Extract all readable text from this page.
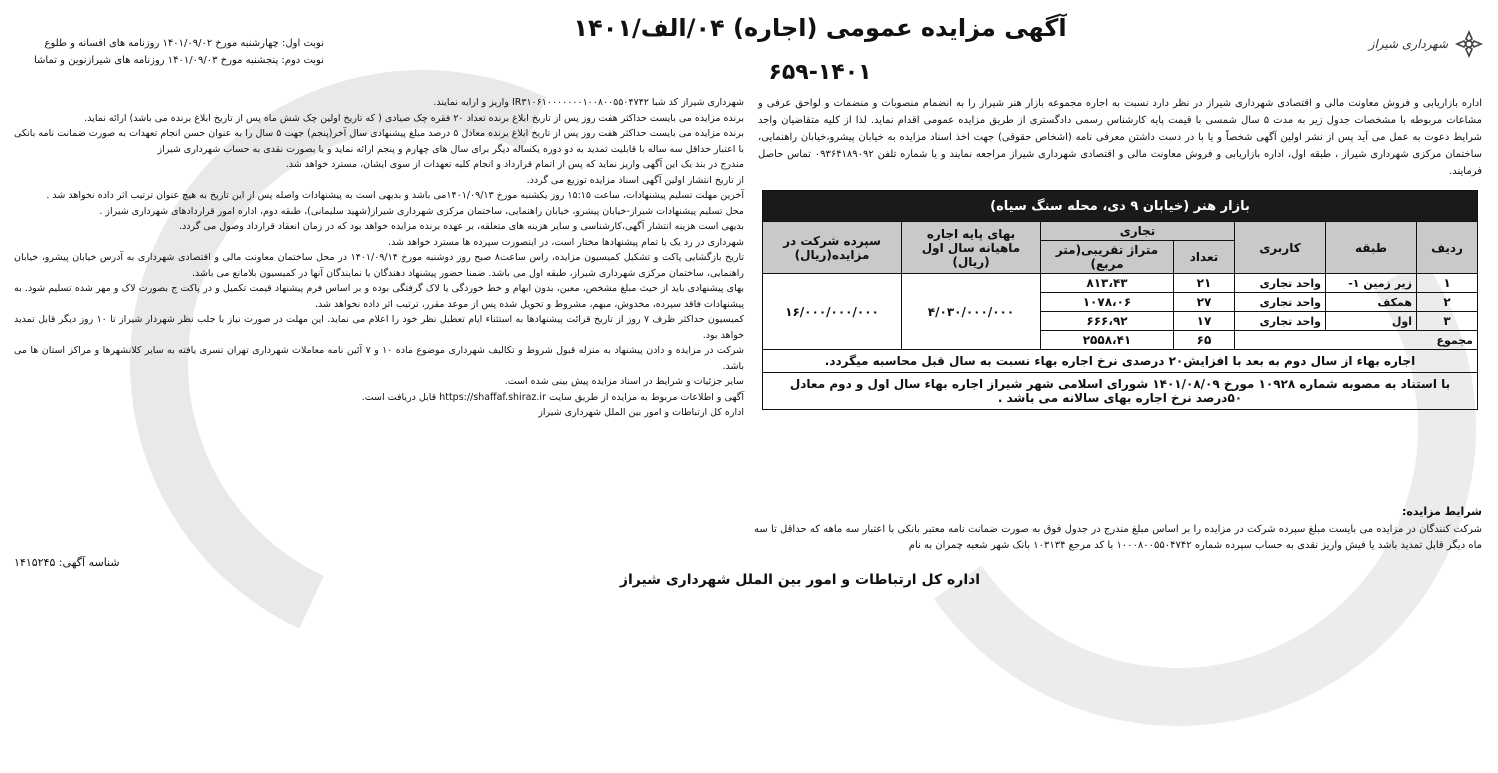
شهرداری شیراز
آگهی مزایده عمومی (اجاره) ۰۴/الف/۱۴۰۱
۶۵۹-۱۴۰۱
نوبت اول: چهارشنبه مورخ ۱۴۰۱/۰۹/۰۲ روزنامه های افسانه و طلوع
نوبت دوم: پنجشنبه مورخ ۱۴۰۱/۰۹/۰۳ روزنامه های شیرازنوین و تماشا
اداره بازاریابی و فروش معاونت مالی و اقتصادی شهرداری شیراز در نظر دارد نسبت به اجاره مجموعه بازار هنر شیراز را به انضمام منصوبات و منضمات و لواحق عرفی و مشاعات مربوطه با مشخصات جدول زیر به مدت ۵ سال شمسی با قیمت پایه کارشناس رسمی دادگستری از طریق مزایده عمومی اقدام نماید. لذا از کلیه متقاضیان واجد شرایط دعوت به عمل می آید پس از نشر اولین آگهی شخصاً و یا با در دست داشتن معرفی نامه (اشخاص حقوقی) جهت اخذ اسناد مزایده به خیابان پیشرو،خیابان راهنمایی، ساختمان مرکزی شهرداری شیراز ، طبقه اول، اداره بازاریابی و فروش معاونت مالی و اقتصادی شهرداری شیراز مراجعه نمایند و یا شماره تلفن ۰۹۳۶۴۱۸۹۰۹۲ تماس حاصل فرمایند.
بازار هنر (خیابان ۹ دی، محله سنگ سیاه)						
ردیف	طبقه	کاربری	تجاری		بهای پایه اجاره ماهیانه سال اول (ریال)	سپرده شرکت در مزایده(ریال)
			تعداد	متراژ تقریبی(متر مربع)		
۱	زیر زمین ۱-	واحد تجاری	۲۱	۸۱۳،۴۳	۴/۰۳۰/۰۰۰/۰۰۰	۱۶/۰۰۰/۰۰۰/۰۰۰
۲	همکف	واحد تجاری	۲۷	۱۰۷۸،۰۶		
۳	اول	واحد تجاری	۱۷	۶۶۶،۹۲		
مجموع			۶۵	۲۵۵۸،۴۱		
اجاره بهاء از سال دوم به بعد با افزایش۲۰ درصدی نرخ اجاره بهاء نسبت به سال قبل محاسبه میگردد.						
با استناد به مصوبه شماره ۱۰۹۲۸ مورخ ۱۴۰۱/۰۸/۰۹ شورای اسلامی شهر شیراز اجاره بهاء سال اول و دوم معادل ۵۰درصد نرخ اجاره بهای سالانه می باشد .						
شرایط مزایده:
شرکت کنندگان در مزایده می بایست مبلغ سپرده شرکت در مزایده را بر اساس مبلغ مندرج در جدول فوق به صورت ضمانت نامه معتبر بانکی با اعتبار سه ماهه که حداقل تا سه ماه دیگر قابل تمدید باشد یا فیش واریز نقدی به حساب سپرده شماره ۱۰۰۰۸۰۰۵۵۰۴۷۴۲ با کد مرجع ۱۰۳۱۳۴ بانک شهر شعبه چمران به نام

شهرداری شیراز کد شبا IR۳۱۰۶۱۰۰۰۰۰۰۰۱۰۰۸۰۰۵۵۰۴۷۴۲ واریز و ارایه نمایند.

برنده مزایده می بایست حداکثر هفت روز پس از تاریخ ابلاغ برنده تعداد ۲۰ فقره چک صیادی ( که تاریخ اولین چک شش ماه پس از تاریخ ابلاغ برنده می باشد) ارائه نماید.

برنده مزایده می بایست حداکثر هفت روز پس از تاریخ ابلاغ برنده معادل ۵ درصد مبلغ پیشنهادی سال آخر(پنجم) جهت ۵ سال را به عنوان حسن انجام تعهدات به صورت ضمانت نامه بانکی با اعتبار حداقل سه ساله با قابلیت تمدید به دو دوره یکساله دیگر برای سال های چهارم و پنجم ارائه نماید و یا بصورت نقدی به حساب شهرداری شیراز

مندرج در بند یک این آگهی واریز نماید که پس از اتمام قرارداد و انجام کلیه تعهدات از سوی ایشان، مسترد خواهد شد.

از تاریخ انتشار اولین آگهی اسناد مزایده توزیع می گردد.

آخرین مهلت تسلیم پیشنهادات، ساعت ۱۵:۱۵ روز یکشنبه مورخ ۱۴۰۱/۰۹/۱۳می باشد و بدیهی است به پیشنهادات واصله پس از این تاریخ به هیچ عنوان ترتیب اثر داده نخواهد شد .

محل تسلیم پیشنهادات شیراز-خیابان پیشرو، خیابان راهنمایی، ساختمان مرکزی شهرداری شیراز(شهید سلیمانی)، طبقه دوم، اداره امور قراردادهای شهرداری شیراز .

بدیهی است هزینه انتشار آگهی،کارشناسی و سایر هزینه های متعلقه، بر عهده برنده مزایده خواهد بود که در زمان انعقاد قرارداد وصول می گردد.

شهرداری در رد یک یا تمام پیشنهادها مختار است، در اینصورت سپرده ها مسترد خواهد شد.

تاریخ بازگشایی پاکت و تشکیل کمیسیون مزایده، راس ساعت۸ صبح روز دوشنبه مورخ ۱۴۰۱/۰۹/۱۴ در محل ساختمان معاونت مالی و اقتصادی شهرداری به آدرس خیابان پیشرو، خیابان راهنمایی، ساختمان مرکزی شهرداری شیراز، طبقه اول می باشد. ضمنا حضور پیشنهاد دهندگان یا نمایندگان آنها در کمیسیون بلامانع می باشد.

بهای پیشنهادی باید از حیث مبلغ مشخص، معین، بدون ابهام و خط خوردگی یا لاک گرفتگی بوده و بر اساس فرم پیشنهاد قیمت تکمیل و در پاکت ج بصورت لاک و مهر شده تسلیم شود. به پیشنهادات فاقد سپرده، مخدوش، مبهم، مشروط و تحویل شده پس از موعد مقرر، ترتیب اثر داده نخواهد شد.

کمیسیون حداکثر ظرف ۷ روز از تاریخ قرائت پیشنهادها به استثناء ایام تعطیل نظر خود را اعلام می نماید. این مهلت در صورت نیاز با جلب نظر شهردار شیراز تا ۱۰ روز دیگر قابل تمدید خواهد بود.

شرکت در مزایده و دادن پیشنهاد به منزله قبول شروط و تکالیف شهرداری موضوع ماده ۱۰ و ۷ آئین نامه معاملات شهرداری تهران تسری یافته به سایر کلانشهرها و مراکز استان ها می باشد.

سایر جزئیات و شرایط در اسناد مزایده پیش بینی شده است.

آگهی و اطلاعات مربوط به مزایده از طریق سایت https://shaffaf.shiraz.ir قابل دریافت است.

اداره کل ارتباطات و امور بین الملل شهرداری شیراز

شناسه آگهی: ۱۴۱۵۲۴۵
اداره کل ارتباطات و امور بین الملل شهرداری شیراز
